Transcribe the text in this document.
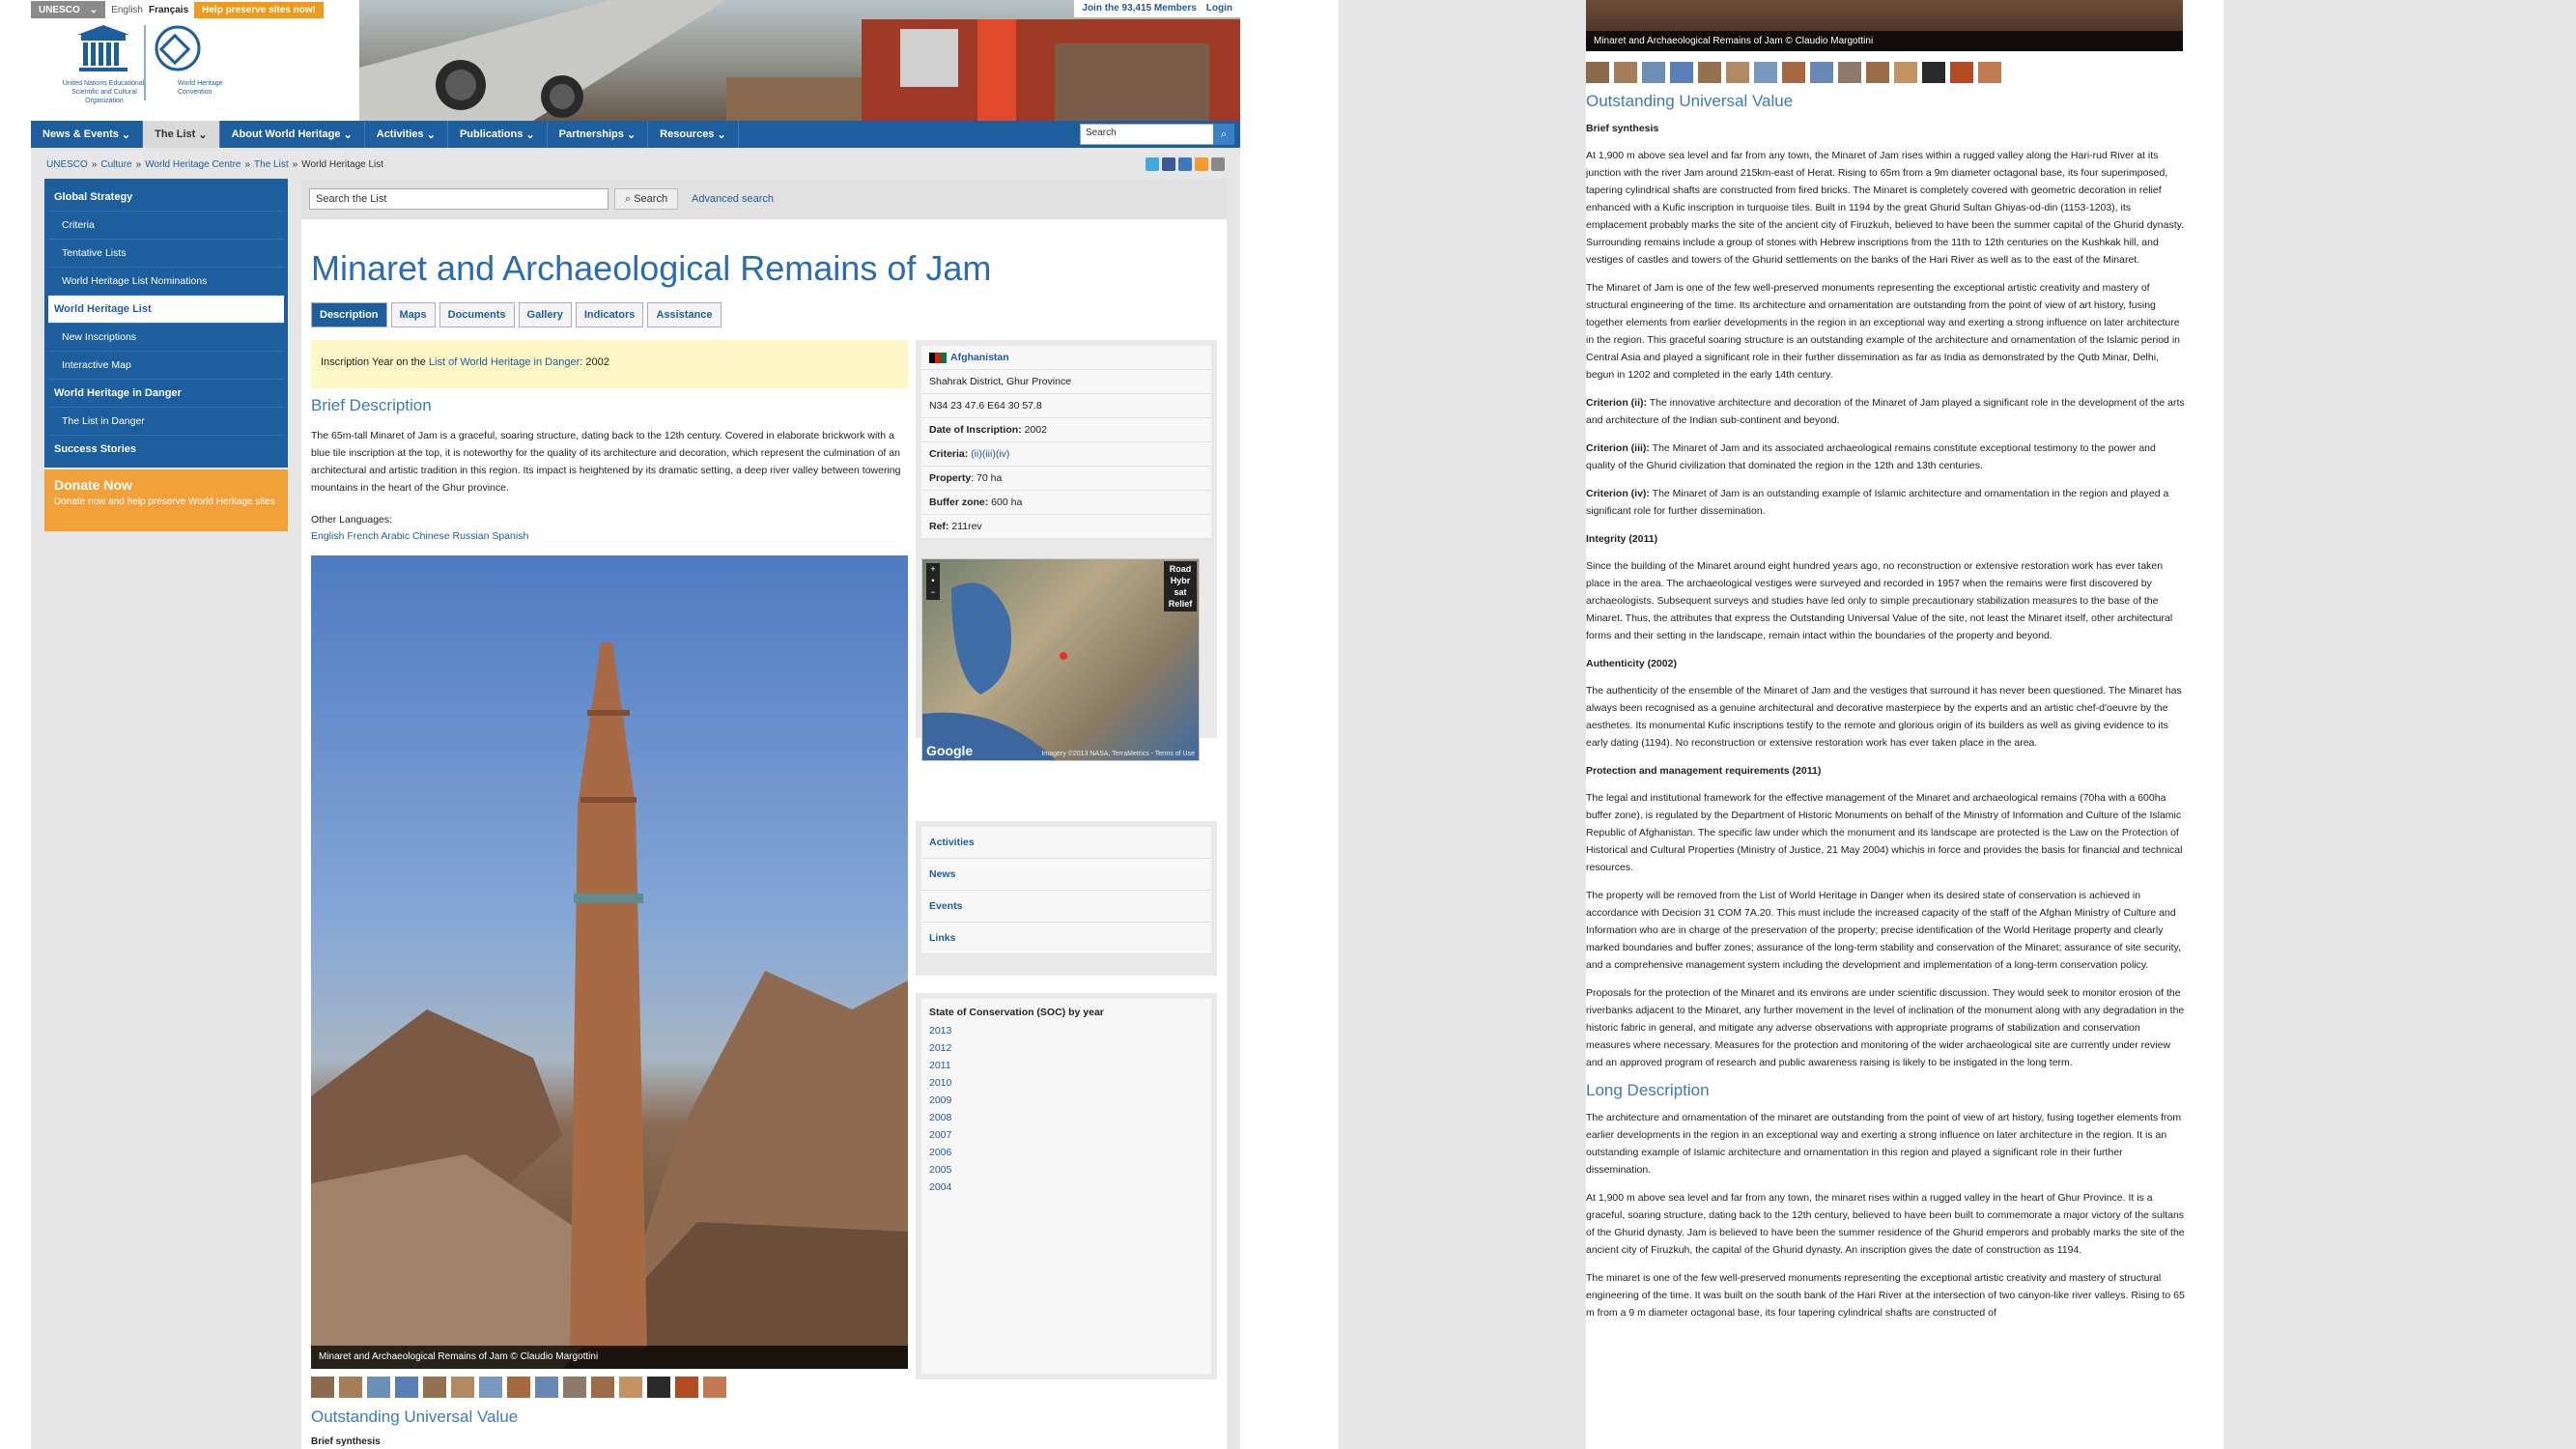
UNESCO ⌄ English Français	Help preserve sites now!
United Nations Educational, Scientific and Cultural Organization
World Heritage Convention
Join the 93,415 Members Login
News & Events ⌄	The List ⌄	About World Heritage ⌄	Activities ⌄	Publications ⌄	Partnerships ⌄	Resources ⌄	Search	⌕
UNESCO » Culture » World Heritage Centre » The List » World Heritage List
Global Strategy
Criteria
Tentative Lists
World Heritage List Nominations
World Heritage List
New Inscriptions
Interactive Map
World Heritage in Danger
The List in Danger
Success Stories
Donate Now
Donate now and help preserve World Heritage sites
Search the List	⌕ Search	Advanced search
Minaret and Archaeological Remains of Jam
Description	Maps	Documents	Gallery	Indicators	Assistance
Inscription Year on the List of World Heritage in Danger: 2002
Brief Description
The 65m-tall Minaret of Jam is a graceful, soaring structure, dating back to the 12th century. Covered in elaborate brickwork with a blue tile inscription at the top, it is noteworthy for the quality of its architecture and decoration, which represent the culmination of an architectural and artistic tradition in this region. Its impact is heightened by its dramatic setting, a deep river valley between towering mountains in the heart of the Ghur province.
Other Languages:
English French Arabic Chinese Russian Spanish
Minaret and Archaeological Remains of Jam © Claudio Margottini
Outstanding Universal Value
Brief synthesis
Afghanistan
Shahrak District, Ghur Province
N34 23 47.6 E64 30 57.8
Date of Inscription: 2002
Criteria: (ii)(iii)(iv)
Property: 70 ha
Buffer zone: 600 ha
Ref: 211rev
+
•
−
Road
Hybr
sat
Relief
Google	Imagery ©2013 NASA, TerraMetrics - Terms of Use
Activities
News
Events
Links
State of Conservation (SOC) by year
2013
2012
2011
2010
2009
2008
2007
2006
2005
2004
Minaret and Archaeological Remains of Jam © Claudio Margottini
Outstanding Universal Value
Brief synthesis

At 1,900 m above sea level and far from any town, the Minaret of Jam rises within a rugged valley along the Hari-rud River at its junction with the river Jam around 215km-east of Herat. Rising to 65m from a 9m diameter octagonal base, its four superimposed, tapering cylindrical shafts are constructed from fired bricks. The Minaret is completely covered with geometric decoration in relief enhanced with a Kufic inscription in turquoise tiles. Built in 1194 by the great Ghurid Sultan Ghiyas-od-din (1153-1203), its emplacement probably marks the site of the ancient city of Firuzkuh, believed to have been the summer capital of the Ghurid dynasty. Surrounding remains include a group of stones with Hebrew inscriptions from the 11th to 12th centuries on the Kushkak hill, and vestiges of castles and towers of the Ghurid settlements on the banks of the Hari River as well as to the east of the Minaret.

The Minaret of Jam is one of the few well-preserved monuments representing the exceptional artistic creativity and mastery of structural engineering of the time. Its architecture and ornamentation are outstanding from the point of view of art history, fusing together elements from earlier developments in the region in an exceptional way and exerting a strong influence on later architecture in the region. This graceful soaring structure is an outstanding example of the architecture and ornamentation of the Islamic period in Central Asia and played a significant role in their further dissemination as far as India as demonstrated by the Qutb Minar, Delhi, begun in 1202 and completed in the early 14th century.

Criterion (ii): The innovative architecture and decoration of the Minaret of Jam played a significant role in the development of the arts and architecture of the Indian sub-continent and beyond.

Criterion (iii): The Minaret of Jam and its associated archaeological remains constitute exceptional testimony to the power and quality of the Ghurid civilization that dominated the region in the 12th and 13th centuries.

Criterion (iv): The Minaret of Jam is an outstanding example of Islamic architecture and ornamentation in the region and played a significant role for further dissemination.

Integrity (2011)

Since the building of the Minaret around eight hundred years ago, no reconstruction or extensive restoration work has ever taken place in the area. The archaeological vestiges were surveyed and recorded in 1957 when the remains were first discovered by archaeologists. Subsequent surveys and studies have led only to simple precautionary stabilization measures to the base of the Minaret. Thus, the attributes that express the Outstanding Universal Value of the site, not least the Minaret itself, other architectural forms and their setting in the landscape, remain intact within the boundaries of the property and beyond.

Authenticity (2002)

The authenticity of the ensemble of the Minaret of Jam and the vestiges that surround it has never been questioned. The Minaret has always been recognised as a genuine architectural and decorative masterpiece by the experts and an artistic chef-d'oeuvre by the aesthetes. Its monumental Kufic inscriptions testify to the remote and glorious origin of its builders as well as giving evidence to its early dating (1194). No reconstruction or extensive restoration work has ever taken place in the area.

Protection and management requirements (2011)

The legal and institutional framework for the effective management of the Minaret and archaeological remains (70ha with a 600ha buffer zone), is regulated by the Department of Historic Monuments on behalf of the Ministry of Information and Culture of the Islamic Republic of Afghanistan. The specific law under which the monument and its landscape are protected is the Law on the Protection of Historical and Cultural Properties (Ministry of Justice, 21 May 2004) whichis in force and provides the basis for financial and technical resources.

The property will be removed from the List of World Heritage in Danger when its desired state of conservation is achieved in accordance with Decision 31 COM 7A.20. This must include the increased capacity of the staff of the Afghan Ministry of Culture and Information who are in charge of the preservation of the property; precise identification of the World Heritage property and clearly marked boundaries and buffer zones; assurance of the long-term stability and conservation of the Minaret; assurance of site security, and a comprehensive management system including the development and implementation of a long-term conservation policy.

Proposals for the protection of the Minaret and its environs are under scientific discussion. They would seek to monitor erosion of the riverbanks adjacent to the Minaret, any further movement in the level of inclination of the monument along with any degradation in the historic fabric in general, and mitigate any adverse observations with appropriate programs of stabilization and conservation measures where necessary. Measures for the protection and monitoring of the wider archaeological site are currently under review and an approved program of research and public awareness raising is likely to be instigated in the long term.

Long Description

The architecture and ornamentation of the minaret are outstanding from the point of view of art history, fusing together elements from earlier developments in the region in an exceptional way and exerting a strong influence on later architecture in the region. It is an outstanding example of Islamic architecture and ornamentation in this region and played a significant role in their further dissemination.

At 1,900 m above sea level and far from any town, the minaret rises within a rugged valley in the heart of Ghur Province. It is a graceful, soaring structure, dating back to the 12th century, believed to have been built to commemorate a major victory of the sultans of the Ghurid dynasty. Jam is believed to have been the summer residence of the Ghurid emperors and probably marks the site of the ancient city of Firuzkuh, the capital of the Ghurid dynasty. An inscription gives the date of construction as 1194.

The minaret is one of the few well-preserved monuments representing the exceptional artistic creativity and mastery of structural engineering of the time. It was built on the south bank of the Hari River at the intersection of two canyon-like river valleys. Rising to 65 m from a 9 m diameter octagonal base, its four tapering cylindrical shafts are constructed of
